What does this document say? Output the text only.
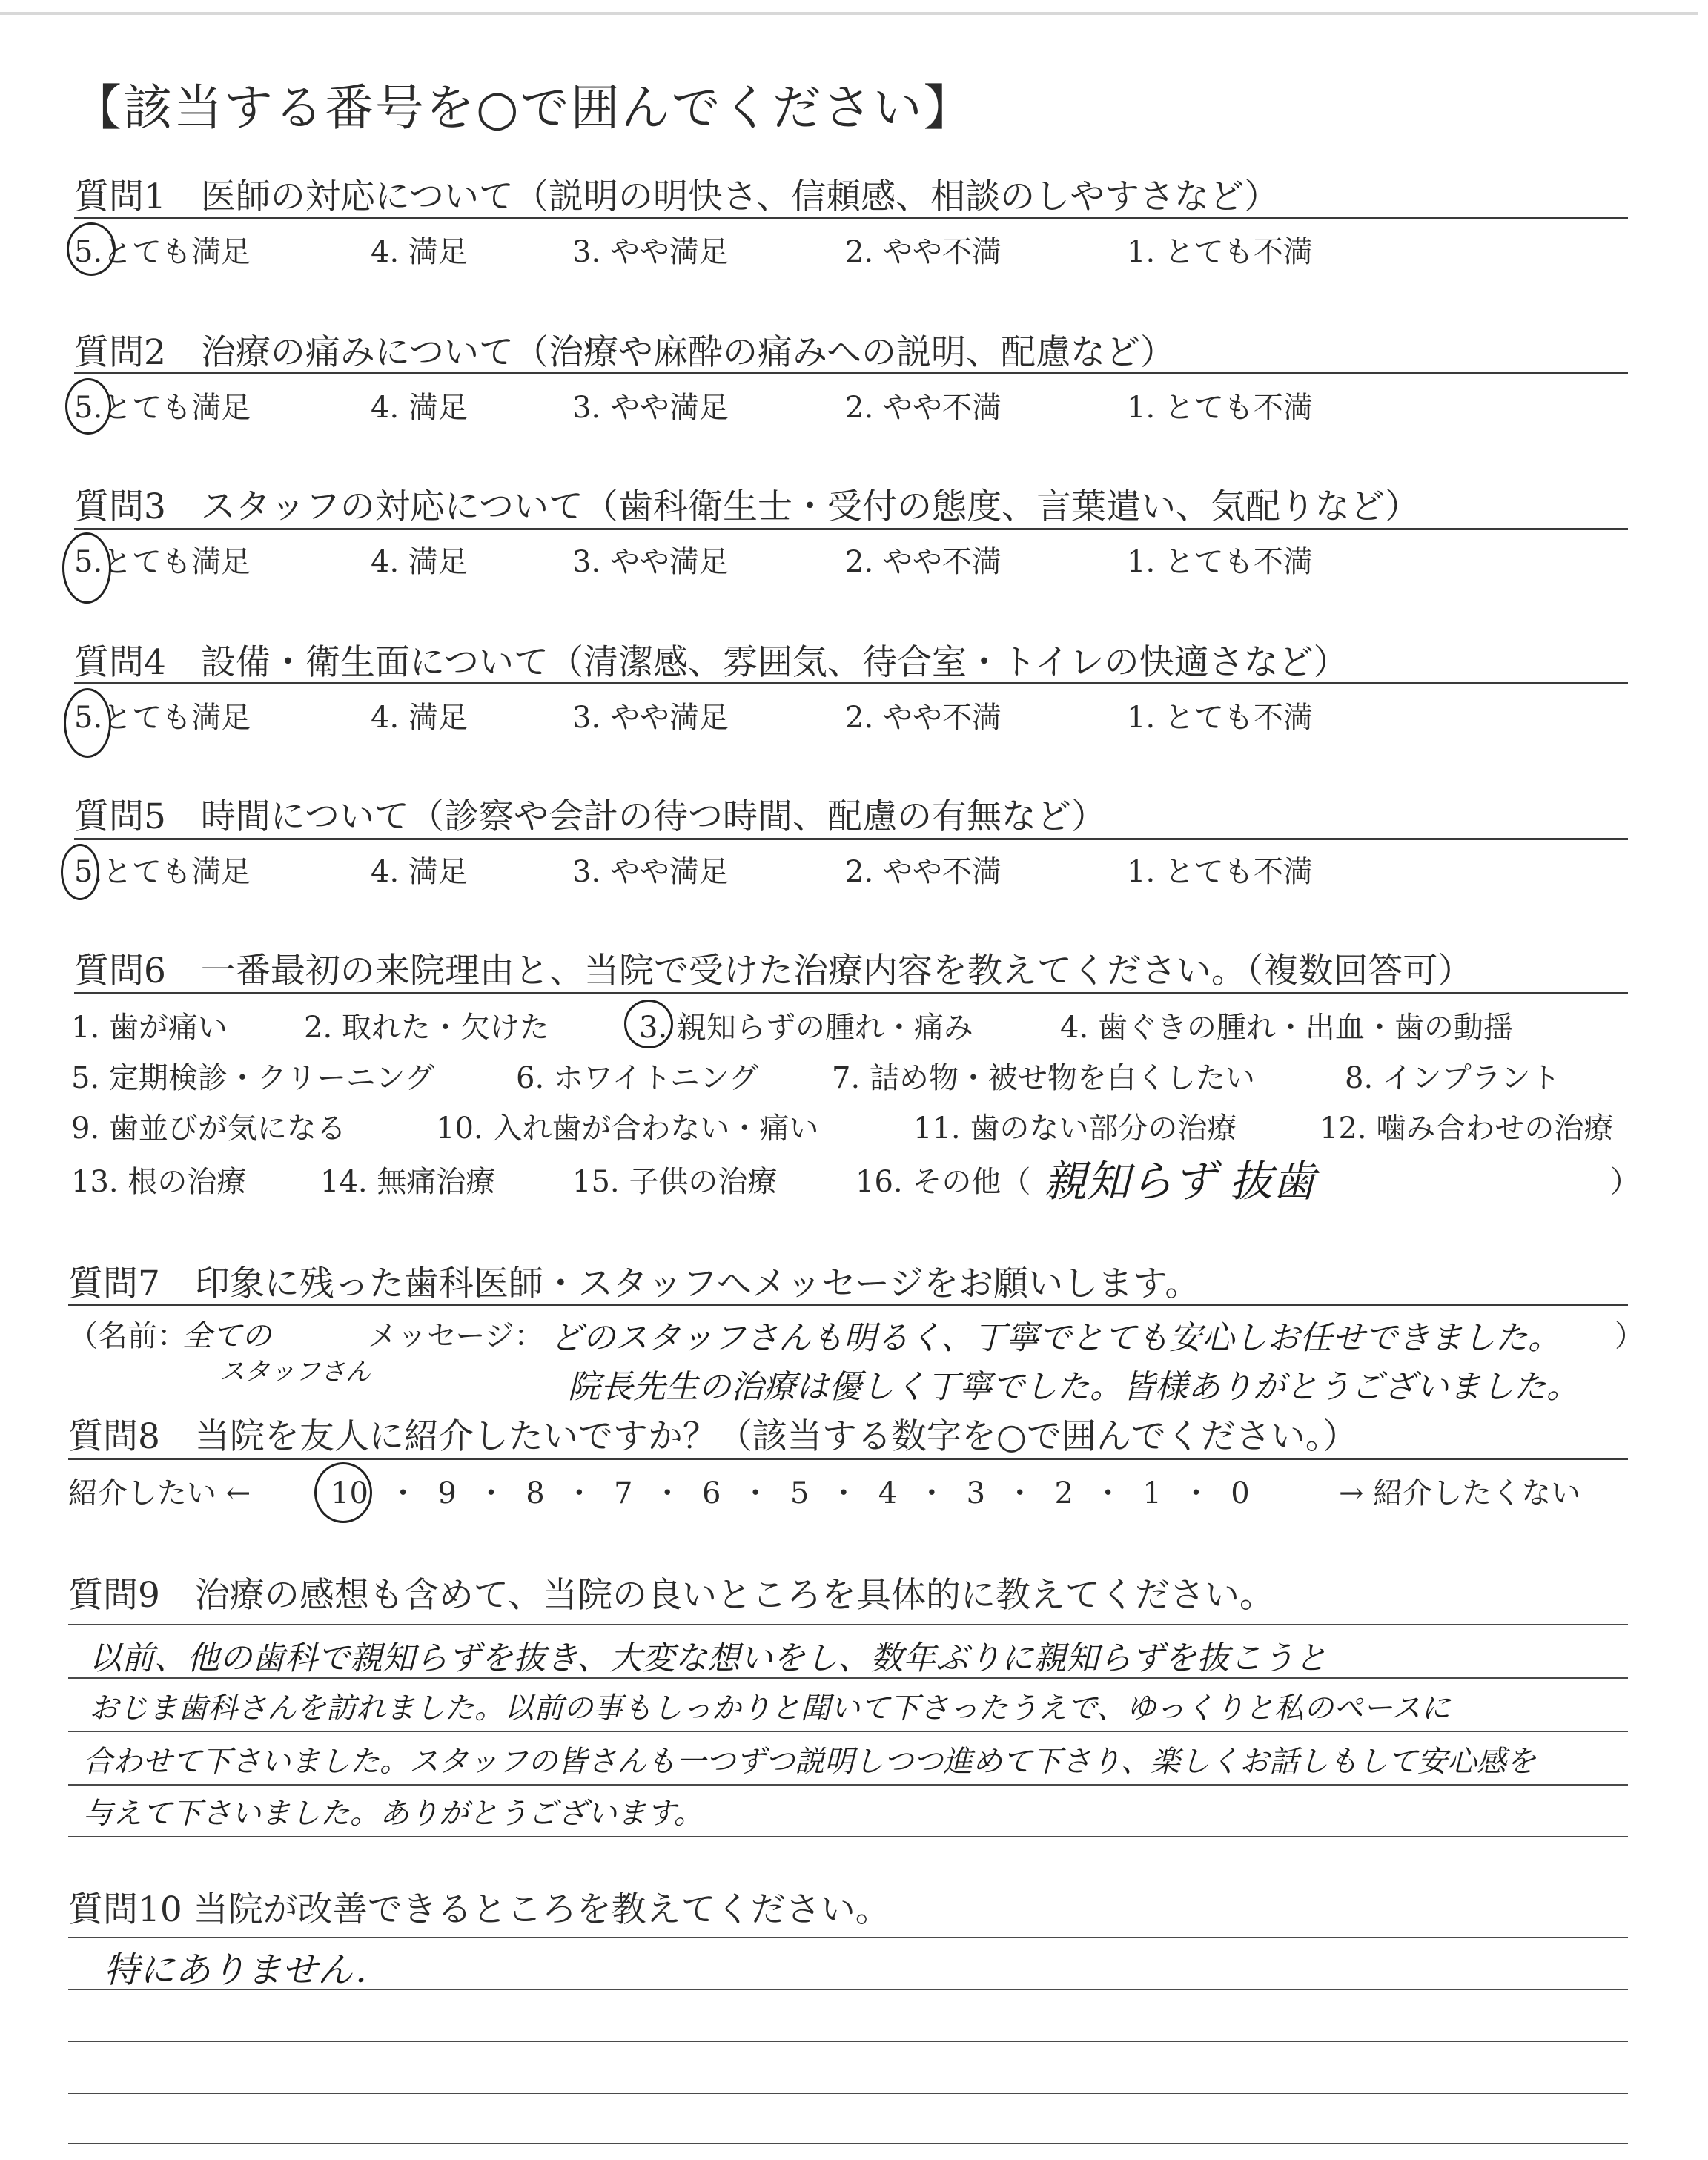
【該当する番号を○で囲んでください】
質問1　 医師の対応について（説明の明快さ、信頼感、相談のしやすさなど）
5.とても満足	4. 満足	3. やや満足	2. やや不満	1. とても不満
質問2　 治療の痛みについて（治療や麻酔の痛みへの説明、配慮など）
5.とても満足	4. 満足	3. やや満足	2. やや不満	1. とても不満
質問3　 スタッフの対応について（歯科衛生士・受付の態度、言葉遣い、気配りなど）
5.とても満足	4. 満足	3. やや満足	2. やや不満	1. とても不満
質問4　 設備・衛生面について（清潔感、雰囲気、待合室・トイレの快適さなど）
5.とても満足	4. 満足	3. やや満足	2. やや不満	1. とても不満
質問5　 時間について（診察や会計の待つ時間、配慮の有無など）
5.とても満足	4. 満足	3. やや満足	2. やや不満	1. とても不満
質問6　 一番最初の来院理由と、当院で受けた治療内容を教えてください。（複数回答可）
1. 歯が痛い	2. 取れた・欠けた	3. 親知らずの腫れ・痛み	4. 歯ぐきの腫れ・出血・歯の動揺
5. 定期検診・クリーニング	6. ホワイトニング 7. 詰め物・被せ物を白くしたい	8. インプラント
9. 歯並びが気になる	10. 入れ歯が合わない・痛い	11. 歯のない部分の治療	12. 噛み合わせの治療
13. 根の治療 14. 無痛治療	15. 子供の治療	16. その他（ 親知らず 抜歯	）
質問7　 印象に残った歯科医師・スタッフへメッセージをお願いします。
（名前：
全ての
スタッフさん
メッセージ： どのスタッフさんも明るく、丁寧でとても安心しお任せできました。 ）
院長先生の治療は優しく丁寧でした。皆様ありがとうございました。
質問8　 当院を友人に紹介したいですか？（該当する数字を○で囲んでください。）
紹介したい ←	10 ・ 9 ・ 8 ・ 7 ・ 6 ・ 5 ・ 4 ・ 3 ・ 2 ・ 1 ・ 0	→ 紹介したくない
質問9　 治療の感想も含めて、当院の良いところを具体的に教えてください。
以前、他の歯科で親知らずを抜き、大変な想いをし、数年ぶりに親知らずを抜こうと
おじま歯科さんを訪れました。以前の事もしっかりと聞いて下さったうえで、ゆっくりと私のペースに
合わせて下さいました。スタッフの皆さんも一つずつ説明しつつ進めて下さり、楽しくお話しもして安心感を
与えて下さいました。ありがとうございます。
質問10 当院が改善できるところを教えてください。
特にありません．
